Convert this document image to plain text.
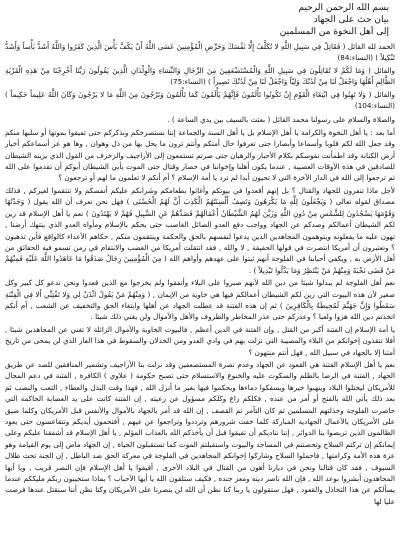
بسم الله الرحمن الرحيم
بيان حث على الجهاد
إلى أهل النخوة من المسلمين

الحمد لله القائل ( فَقَاتِلْ فِي سَبِيلِ اللَّهِ لا تُكَلَّفُ إِلَّا نَفْسَكَ وَحَرِّضِ الْمُؤْمِنِينَ عَسَى اللَّهُ أَنْ يَكُفَّ بَأْسَ الَّذِينَ كَفَرُوا وَاللَّهُ أَشَدُّ بَأْساً وَأَشَدُّ تَنْكِيلاً ) (النساء:84)

والقائل ( وَمَا لَكُمْ لا تُقَاتِلُونَ فِي سَبِيلِ اللَّهِ وَالْمُسْتَضْعَفِينَ مِنَ الرِّجَالِ وَالنِّسَاءِ وَالْوِلْدَانِ الَّذِينَ يَقُولُونَ رَبَّنَا أَخْرِجْنَا مِنْ هَذِهِ الْقَرْيَةِ الظَّالِمِ أَهْلُهَا وَاجْعَلْ لَنَا مِنْ لَدُنْكَ وَلِيّاً وَاجْعَلْ لَنَا مِنْ لَدُنْكَ نَصِيراً ) (النساء:75)

والقائل ( وَلا تَهِنُوا فِي ابْتِغَاءِ الْقَوْمِ إِنْ تَكُونُوا تَأْلَمُونَ فَإِنَّهُمْ يَأْلَمُونَ كَمَا تَأْلَمُونَ وَتَرْجُونَ مِنَ اللَّهِ مَا لا يَرْجُونَ وَكَانَ اللَّهُ عَلِيماً حَكِيماً ) (النساء:104)

والصلاة والسلام على رسولنا محمد القائل ( بعثت بالسيف بين يدي الساعة ) .

أما بعد : يا أهل النخوة والكرامة يا أهل الإسلام بل يا أهل السنة والجماعة إننا نستصرخكم ونذكركم حتى تفيقوا بموتها أو سلبها منكم وقد جعل الله لكم قلوبا وأسماعا وأبصارا حتى تعرفوا حال أمتكم وأنتم ترون ما يحل بها من ذل وهوان , وها هو عز أسماعكم أخبار أرض الكنانة وقد اطمأنت نفوسكم بكلام الأحبار والرهبان حتى صرتم تستمعون إلى الأراجيف والزخرف من القول الذي يزينه الشيطان للصادقين في هذه الأوقات العصيبة , عندما يكون أهلنا وإخواننا في حصار وقتال حتى الموت بأبي الشيطان أبوكم أن تقدموا على الله ثم ترجعوا إلى الله في الدار الآخرة التي لا تحيون أبدا لم ترد يا أمة الإسلام ؟ أم أنكم لا تعلمون ما لهم أو ترجعون ؟

لأجل ماذا تنفرون للجهاد والقتال ؟ بل إنهم أقعدوا في بيوتكم وأغاثوا بطعامكم وشرابكم عليكم أنفسكم ولا تنتقموا لغيركم , فذلك مصداق لقوله تعالى ( وَيَجْعَلُونَ لِلَّهِ مَا يَكْرَهُونَ وَتَصِفُ أَلْسِنَتُهُمُ الْكَذِبَ أَنَّ لَهُمُ الْحُسْنَى ) فهل نحن نعرف أن الله يقول ( وَجَدْتُهَا وَقَوْمَهَا يَسْجُدُونَ لِلشَّمْسِ مِنْ دُونِ اللَّهِ وَزَيَّنَ لَهُمُ الشَّيْطَانُ أَعْمَالَهُمْ فَصَدَّهُمْ عَنِ السَّبِيلِ فَهُمْ لا يَهْتَدُونَ ) نعم يا أهل الإسلام قد زين لكم الشيطان أعمالكم وصدكم عن الجهاد وواجب دفع العدو الصائل الغاصب حتى يحكم بالإسلام ومأواه العدو الذي ينتهك أرضنا , تهون عليه ما يفعلونه ويتوهمون المجاهدين الذين يدعوا لنفسهم بالحق والحكمة وينتقمون منكم , حكاهم الأعداء كالواقع فأين تذهبون ؟ وتعتبرون أن أمريكا انتصرت في قولها الحقيقة , لا والله , فقد انتقلت أمريكا من الغضب والانتقام في زمن تسمو فيه الحقائق من أهل الأرض به , ويكفي أحبابنا في الفلوجة أنهم ثبتوا على عهدهم وأواهم الله ( مِنَ الْمُؤْمِنِينَ رِجَالٌ صَدَقُوا مَا عَاهَدُوا اللَّهَ عَلَيْهِ فَمِنْهُمْ مَنْ قَضَى نَحْبَهُ وَمِنْهُمْ مَنْ يَنْتَظِرُ وَمَا بَدَّلُوا تَبْدِيلاً ) .

نعم أهل الفلوجة لم يبدلوا شيئا من دين الله لأنهم صبروا على البلاء وأنفقوا ولم يخرجوا مع الذين قعدوا ونحن ندعو كل كبير وكل صغير لأن هذه البيوت التي زين لكم الشيطان أعمالكم فيها هي خاوية من الإيمان , ( وَمِنْهُمْ مَنْ يَقُولُ ائْذَنْ لِي وَلا تَفْتِنِّي أَلا فِي الْفِتْنَةِ سَقَطُوا وَإِنَّ جَهَنَّمَ لَمُحِيطَةٌ بِالْكَافِرِينَ ) ثم إن هذه الفتنة قد عطلت الجهاد عن أهلها وابتغاء الحق والتخفيف عن الشعب , أم أنكم اتخذتم دين الله هزوا ولعبا ؟ وعذركم حتى عذر المخاطر والظروف والأهل والأموال ولن يغني ذلك شيئا .

يا أمة الإسلام إن الفتنة أكبر من القتل , وإن الفتنة في الدين أعظم , فالبيوت الخاوية والأموال الزائلة لا تغني عن المجاهدين شيئا , أفلا تنقذون إخوانكم من البلاء والمصيبة التي نزلت بهم في وادي العدو ومن الخذلان والسقوط في هذا العار الذي لن يمحى من تاريخ أمتنا إلا بالجهاد في سبيل الله , فهل أنتم منتهون ؟

نعم يا أهل الإسلام الفتنة هي القعود عن الجهاد وعدم نصرة المستضعفين وقد نزلت بنا الأراجيف وتشمير المنافقين للصد عن طريق الجهاد , الفتنة في الرضا بالظلم والسكوت عليه والخنوع والاستسلام حتى تصبح حكومة ( علاوي ) الكافرة , الفتنة في دعم المجال للأمريكان ليحتلوا البلاد وينهبوا خيرها ويسفكوا دماءها ويحكموا فيها بغير ما أنزل الله , فهذا وقت البذل والعطاء , التعب والنصب ثم بعد ذلك يأتي الله بالفتح أو أمر من عنده , فكلكم راع وكلكم مسؤول عن رعيته , إن الفتنة كانت على يد العصابة الحاكمة التي حاصرت الفلوجة وخذلتهم المسلمين ثم كان التآمر ثم القصف , إن الله قد أمر بالجهاد بالأموال والأنفس قبل الأمريكان وكلما ضيق على الأمريكان بالأعمال الجهادية المباركة كلما خفت شرورهم وترددوا وتراجعوا عن غيهم , أفتحمون أيديكم وتتقاعسون حتى يعود الظالمون الذين تربصوا بنا الدوائر , إننا نناديكم أن تفيقوا قبل أن يأخذكم الله بالعذاب المؤلم , يا أهل الإسلام قد أشفقنا عليكم وعلى إيمانكم إن تركتم السلاح وتحصنتم في المساجد والبيوت واستقبلتم الموت كما تستقبلون الحياة , إن الجهاد ماض إلى يوم القيامة وهو عزة هذه الأمة وكرامتها , فاحملوا السلاح وشاركوا إخوانكم المجاهدين في الفلوجة في معركة الحق ضد الباطل , إن الجنة تحت ظلال السيوف , فقد كان قتالنا ونحن في ديارنا أهون من القتال في البلاد الأخرى , أفيقوا يا أهل الإسلام فإن النصر قريب , ويا أيها المجاهدون أبشروا بوعد الله , فإن الله ناصر دينه ومعز جنده , فكيف ستلقون الله يا أيها الأحباب ؟ بماذا ستجيبون ربكم مليككم عندما يسألكم عن هذا التخاذل والقعود , فهل ستقولون يا ربنا كنا نظن أن الله لن ينصرنا على الأمريكان وكنا نظن أننا سنقتل عندها فرصت عليا لها
